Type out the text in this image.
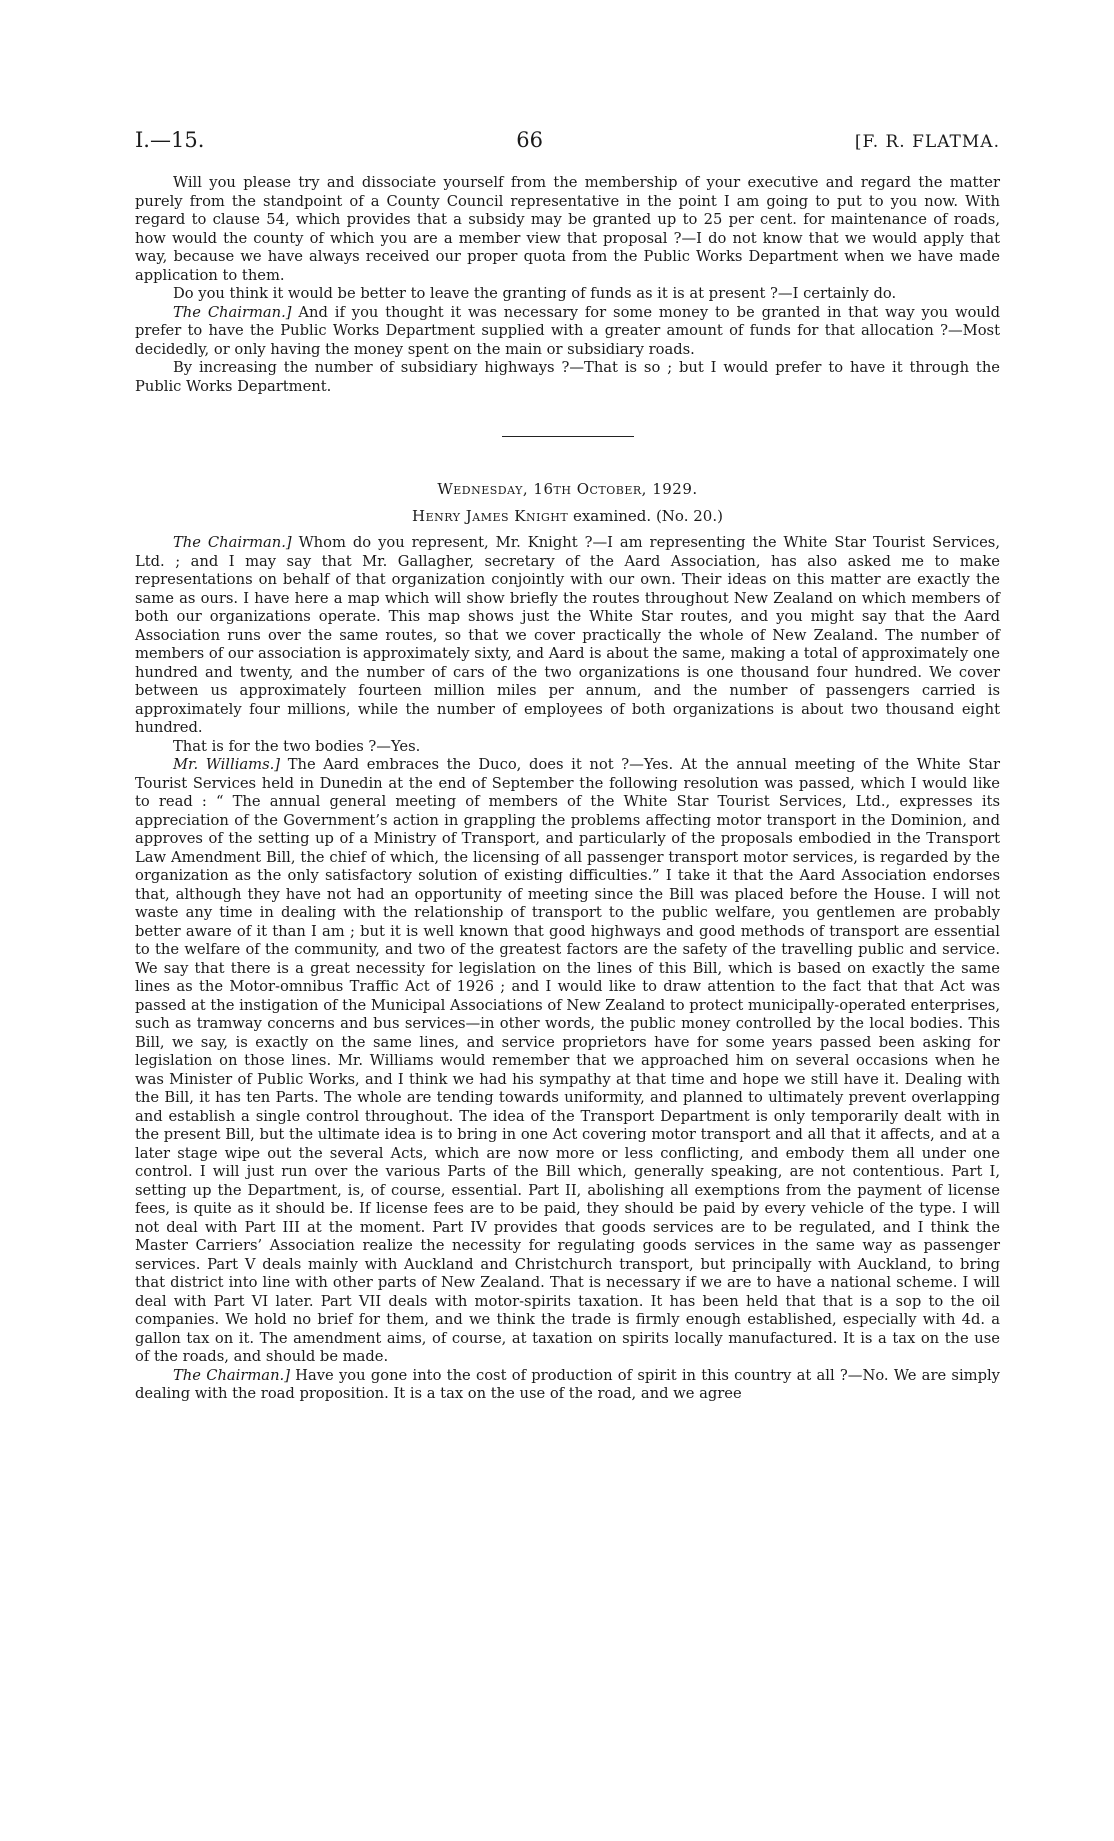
I.—15.	66	[F. R. FLATMA.

Will you please try and dissociate yourself from the membership of your executive and regard the matter purely from the standpoint of a County Council representative in the point I am going to put to you now. With regard to clause 54, which provides that a subsidy may be granted up to 25 per cent. for maintenance of roads, how would the county of which you are a member view that proposal ?—I do not know that we would apply that way, because we have always received our proper quota from the Public Works Department when we have made application to them.

Do you think it would be better to leave the granting of funds as it is at present ?—I certainly do.

The Chairman.] And if you thought it was necessary for some money to be granted in that way you would prefer to have the Public Works Department supplied with a greater amount of funds for that allocation ?—Most decidedly, or only having the money spent on the main or subsidiary roads.

By increasing the number of subsidiary highways ?—That is so ; but I would prefer to have it through the Public Works Department.

Wednesday, 16th October, 1929.
Henry James Knight examined. (No. 20.)

The Chairman.] Whom do you represent, Mr. Knight ?—I am representing the White Star Tourist Services, Ltd. ; and I may say that Mr. Gallagher, secretary of the Aard Association, has also asked me to make representations on behalf of that organization conjointly with our own. Their ideas on this matter are exactly the same as ours. I have here a map which will show briefly the routes throughout New Zealand on which members of both our organizations operate. This map shows just the White Star routes, and you might say that the Aard Association runs over the same routes, so that we cover practically the whole of New Zealand. The number of members of our association is approximately sixty, and Aard is about the same, making a total of approximately one hundred and twenty, and the number of cars of the two organizations is one thousand four hundred. We cover between us approximately fourteen million miles per annum, and the number of passengers carried is approximately four millions, while the number of employees of both organizations is about two thousand eight hundred.

That is for the two bodies ?—Yes.

Mr. Williams.] The Aard embraces the Duco, does it not ?—Yes. At the annual meeting of the White Star Tourist Services held in Dunedin at the end of September the following resolution was passed, which I would like to read : “ The annual general meeting of members of the White Star Tourist Services, Ltd., expresses its appreciation of the Government’s action in grappling the problems affecting motor transport in the Dominion, and approves of the setting up of a Ministry of Transport, and particularly of the proposals embodied in the Transport Law Amendment Bill, the chief of which, the licensing of all passenger transport motor services, is regarded by the organization as the only satisfactory solution of existing difficulties.” I take it that the Aard Association endorses that, although they have not had an opportunity of meeting since the Bill was placed before the House. I will not waste any time in dealing with the relationship of transport to the public welfare, you gentlemen are probably better aware of it than I am ; but it is well known that good highways and good methods of transport are essential to the welfare of the community, and two of the greatest factors are the safety of the travelling public and service. We say that there is a great necessity for legislation on the lines of this Bill, which is based on exactly the same lines as the Motor-omnibus Traffic Act of 1926 ; and I would like to draw attention to the fact that that Act was passed at the instigation of the Municipal Associations of New Zealand to protect municipally-operated enterprises, such as tramway concerns and bus services—in other words, the public money controlled by the local bodies. This Bill, we say, is exactly on the same lines, and service proprietors have for some years passed been asking for legislation on those lines. Mr. Williams would remember that we approached him on several occasions when he was Minister of Public Works, and I think we had his sympathy at that time and hope we still have it. Dealing with the Bill, it has ten Parts. The whole are tending towards uniformity, and planned to ultimately prevent overlapping and establish a single control throughout. The idea of the Transport Department is only temporarily dealt with in the present Bill, but the ultimate idea is to bring in one Act covering motor transport and all that it affects, and at a later stage wipe out the several Acts, which are now more or less conflicting, and embody them all under one control. I will just run over the various Parts of the Bill which, generally speaking, are not contentious. Part I, setting up the Department, is, of course, essential. Part II, abolishing all exemptions from the payment of license fees, is quite as it should be. If license fees are to be paid, they should be paid by every vehicle of the type. I will not deal with Part III at the moment. Part IV provides that goods services are to be regulated, and I think the Master Carriers’ Association realize the necessity for regulating goods services in the same way as passenger services. Part V deals mainly with Auckland and Christchurch transport, but principally with Auckland, to bring that district into line with other parts of New Zealand. That is necessary if we are to have a national scheme. I will deal with Part VI later. Part VII deals with motor-spirits taxation. It has been held that that is a sop to the oil companies. We hold no brief for them, and we think the trade is firmly enough established, especially with 4d. a gallon tax on it. The amendment aims, of course, at taxation on spirits locally manufactured. It is a tax on the use of the roads, and should be made.

The Chairman.] Have you gone into the cost of production of spirit in this country at all ?—No. We are simply dealing with the road proposition. It is a tax on the use of the road, and we agree
